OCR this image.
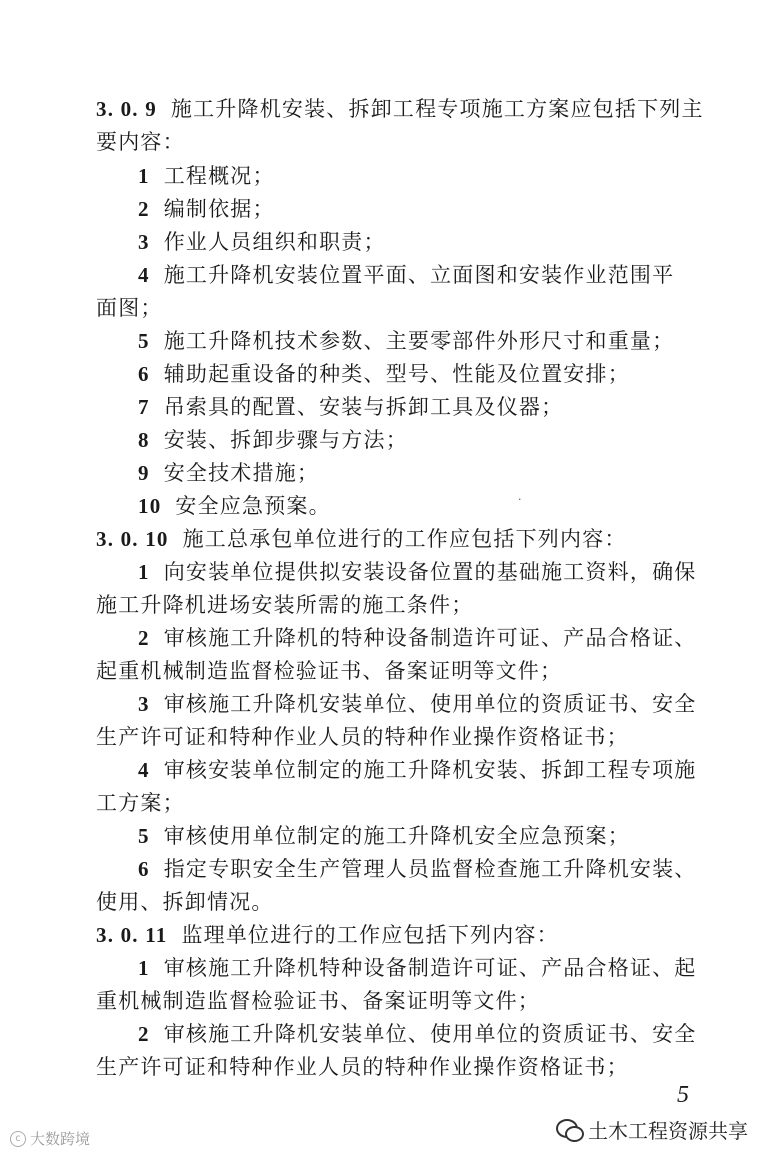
3. 0. 9 施工升降机安装、拆卸工程专项施工方案应包括下列主
要内容：
1 工程概况；
2 编制依据；
3 作业人员组织和职责；
4 施工升降机安装位置平面、立面图和安装作业范围平
面图；
5 施工升降机技术参数、主要零部件外形尺寸和重量；
6 辅助起重设备的种类、型号、性能及位置安排；
7 吊索具的配置、安装与拆卸工具及仪器；
8 安装、拆卸步骤与方法；
9 安全技术措施；
10 安全应急预案。	·
3. 0. 10 施工总承包单位进行的工作应包括下列内容：
1 向安装单位提供拟安装设备位置的基础施工资料，确保
施工升降机进场安装所需的施工条件；
2 审核施工升降机的特种设备制造许可证、产品合格证、
起重机械制造监督检验证书、备案证明等文件；
3 审核施工升降机安装单位、使用单位的资质证书、安全
生产许可证和特种作业人员的特种作业操作资格证书；
4 审核安装单位制定的施工升降机安装、拆卸工程专项施
工方案；
5 审核使用单位制定的施工升降机安全应急预案；
6 指定专职安全生产管理人员监督检查施工升降机安装、
使用、拆卸情况。
3. 0. 11 监理单位进行的工作应包括下列内容：
1 审核施工升降机特种设备制造许可证、产品合格证、起
重机械制造监督检验证书、备案证明等文件；
2 审核施工升降机安装单位、使用单位的资质证书、安全
生产许可证和特种作业人员的特种作业操作资格证书；
5
土木工程资源共享
c 大数跨境
